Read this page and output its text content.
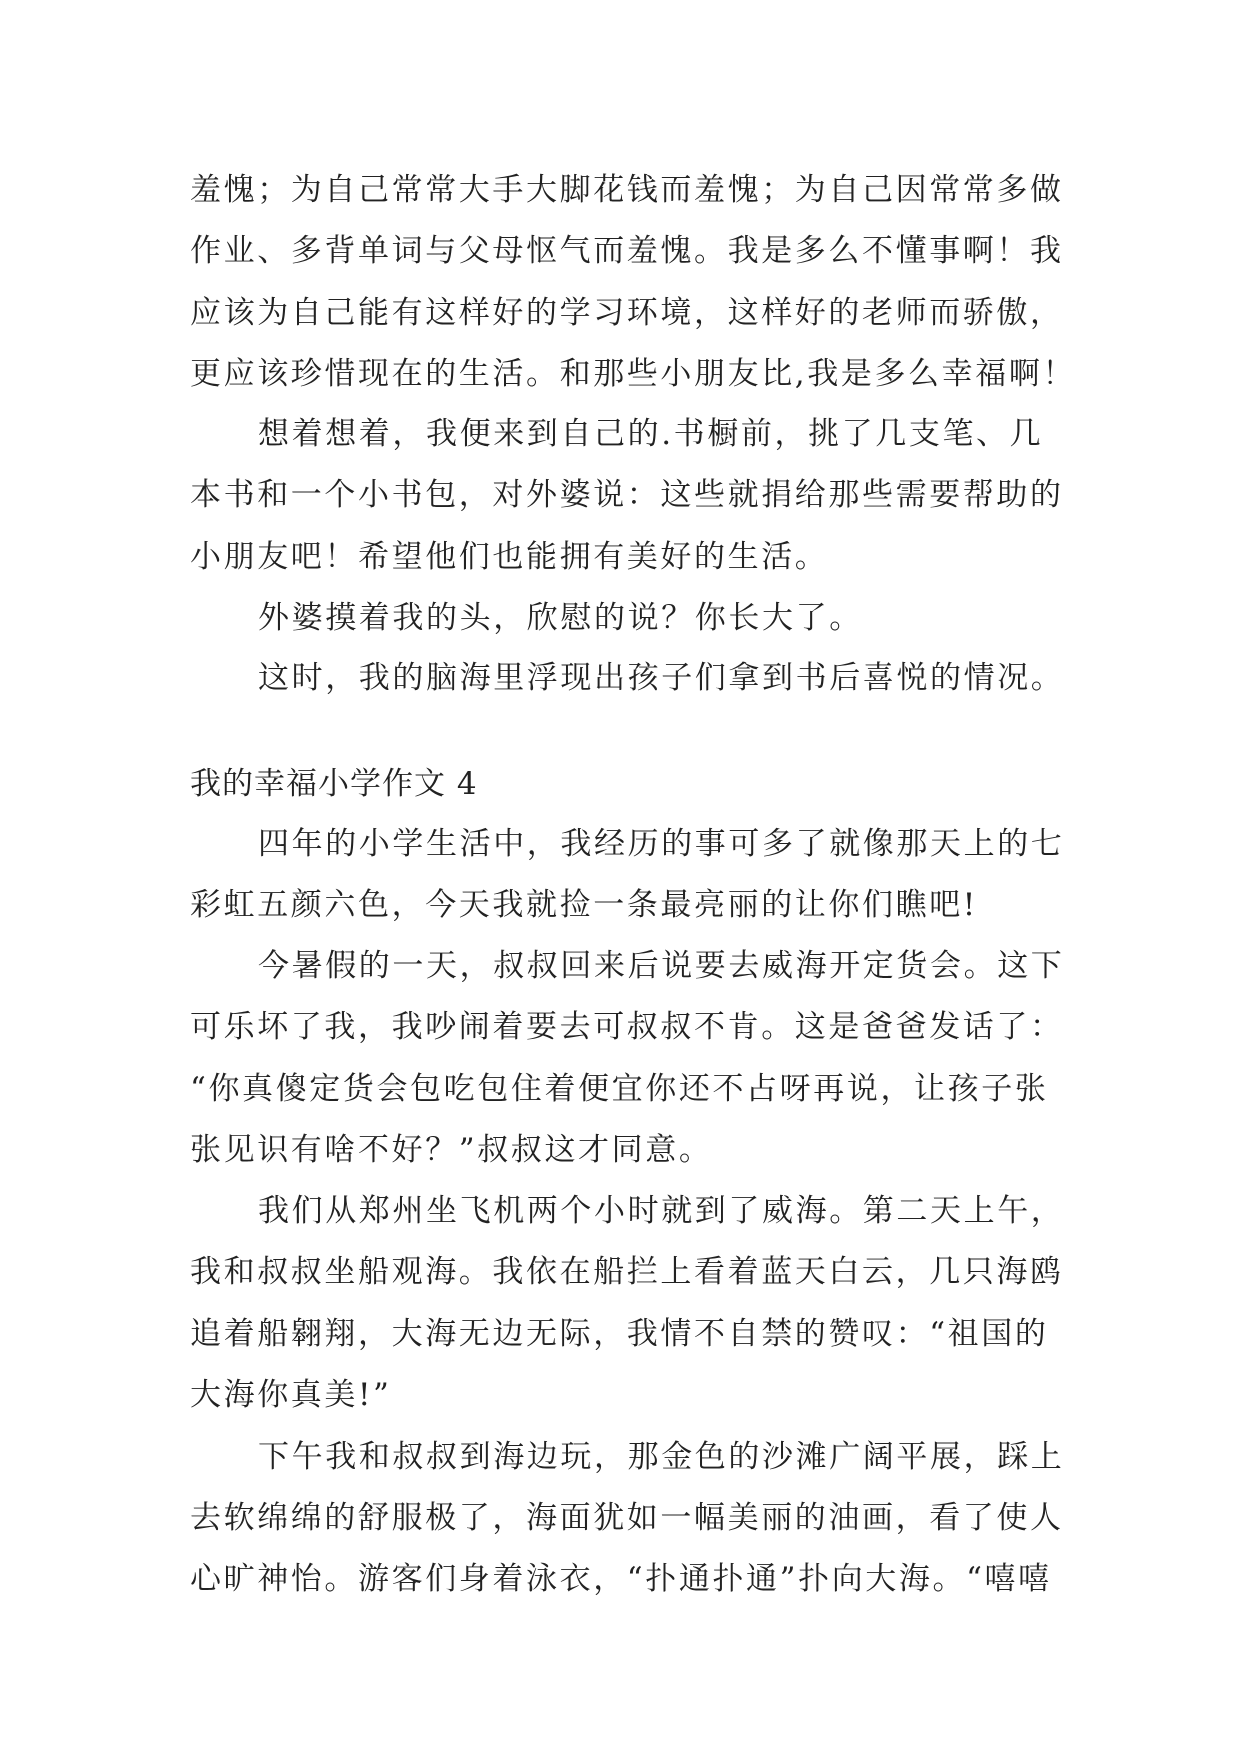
羞愧；为自己常常大手大脚花钱而羞愧；为自己因常常多做
作业、多背单词与父母怄气而羞愧。我是多么不懂事啊！我
应该为自己能有这样好的学习环境，这样好的老师而骄傲，
更应该珍惜现在的生活。和那些小朋友比,我是多么幸福啊！
想着想着，我便来到自己的.书橱前，挑了几支笔、几
本书和一个小书包，对外婆说：这些就捐给那些需要帮助的
小朋友吧！希望他们也能拥有美好的生活。
外婆摸着我的头，欣慰的说？你长大了。
这时，我的脑海里浮现出孩子们拿到书后喜悦的情况。
我的幸福小学作文 4
四年的小学生活中，我经历的事可多了就像那天上的七
彩虹五颜六色，今天我就捡一条最亮丽的让你们瞧吧!
今暑假的一天，叔叔回来后说要去威海开定货会。这下
可乐坏了我，我吵闹着要去可叔叔不肯。这是爸爸发话了：
“你真傻定货会包吃包住着便宜你还不占呀再说，让孩子张
张见识有啥不好？”叔叔这才同意。
我们从郑州坐飞机两个小时就到了威海。第二天上午，
我和叔叔坐船观海。我依在船拦上看着蓝天白云，几只海鸥
追着船翱翔，大海无边无际，我情不自禁的赞叹：“祖国的
大海你真美!”
下午我和叔叔到海边玩，那金色的沙滩广阔平展，踩上
去软绵绵的舒服极了，海面犹如一幅美丽的油画，看了使人
心旷神怡。游客们身着泳衣，“扑通扑通”扑向大海。“嘻嘻
